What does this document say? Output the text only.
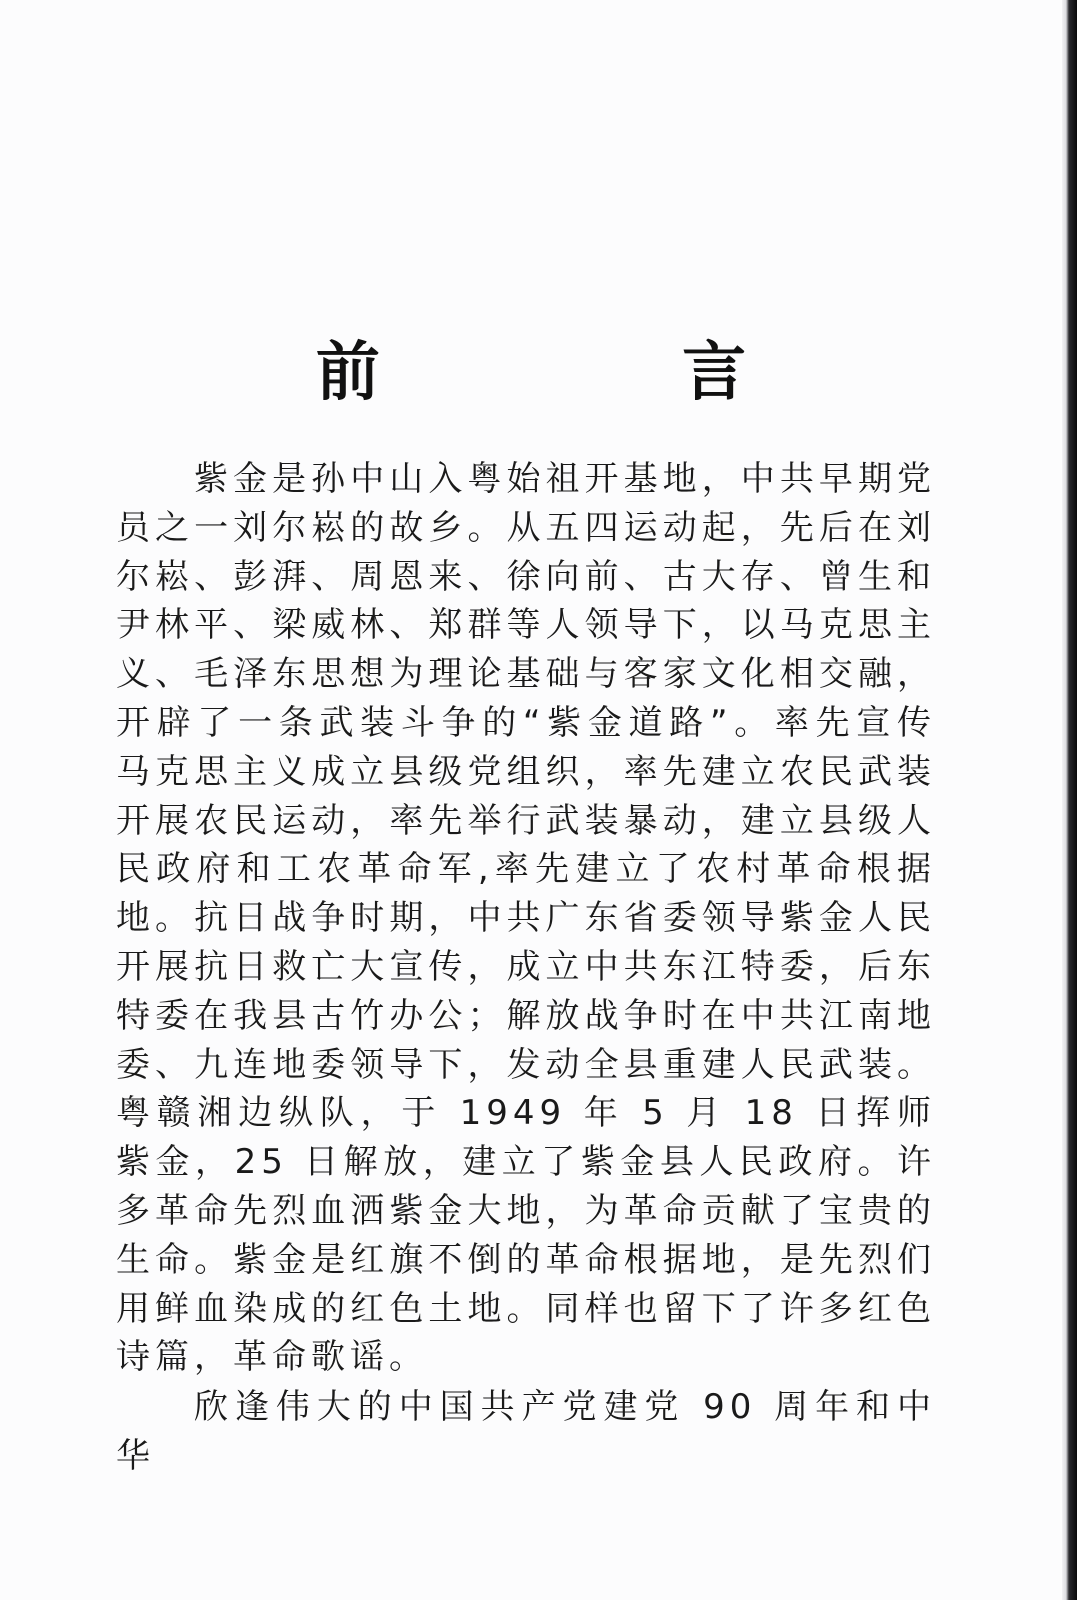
前 言

紫金是孙中山入粤始祖开基地，中共早期党员之一刘尔崧的故乡。从五四运动起，先后在刘尔崧、彭湃、周恩来、徐向前、古大存、曾生和尹林平、梁威林、郑群等人领导下，以马克思主义、毛泽东思想为理论基础与客家文化相交融，开辟了一条武装斗争的“紫金道路”。率先宣传马克思主义成立县级党组织，率先建立农民武装开展农民运动，率先举行武装暴动，建立县级人民政府和工农革命军,率先建立了农村革命根据地。抗日战争时期，中共广东省委领导紫金人民开展抗日救亡大宣传，成立中共东江特委，后东特委在我县古竹办公；解放战争时在中共江南地委、九连地委领导下，发动全县重建人民武装。粤赣湘边纵队，于 1949 年 5 月 18 日挥师紫金，25 日解放，建立了紫金县人民政府。许多革命先烈血洒紫金大地，为革命贡献了宝贵的生命。紫金是红旗不倒的革命根据地，是先烈们用鲜血染成的红色土地。同样也留下了许多红色诗篇，革命歌谣。

欣逢伟大的中国共产党建党 90 周年和中华
